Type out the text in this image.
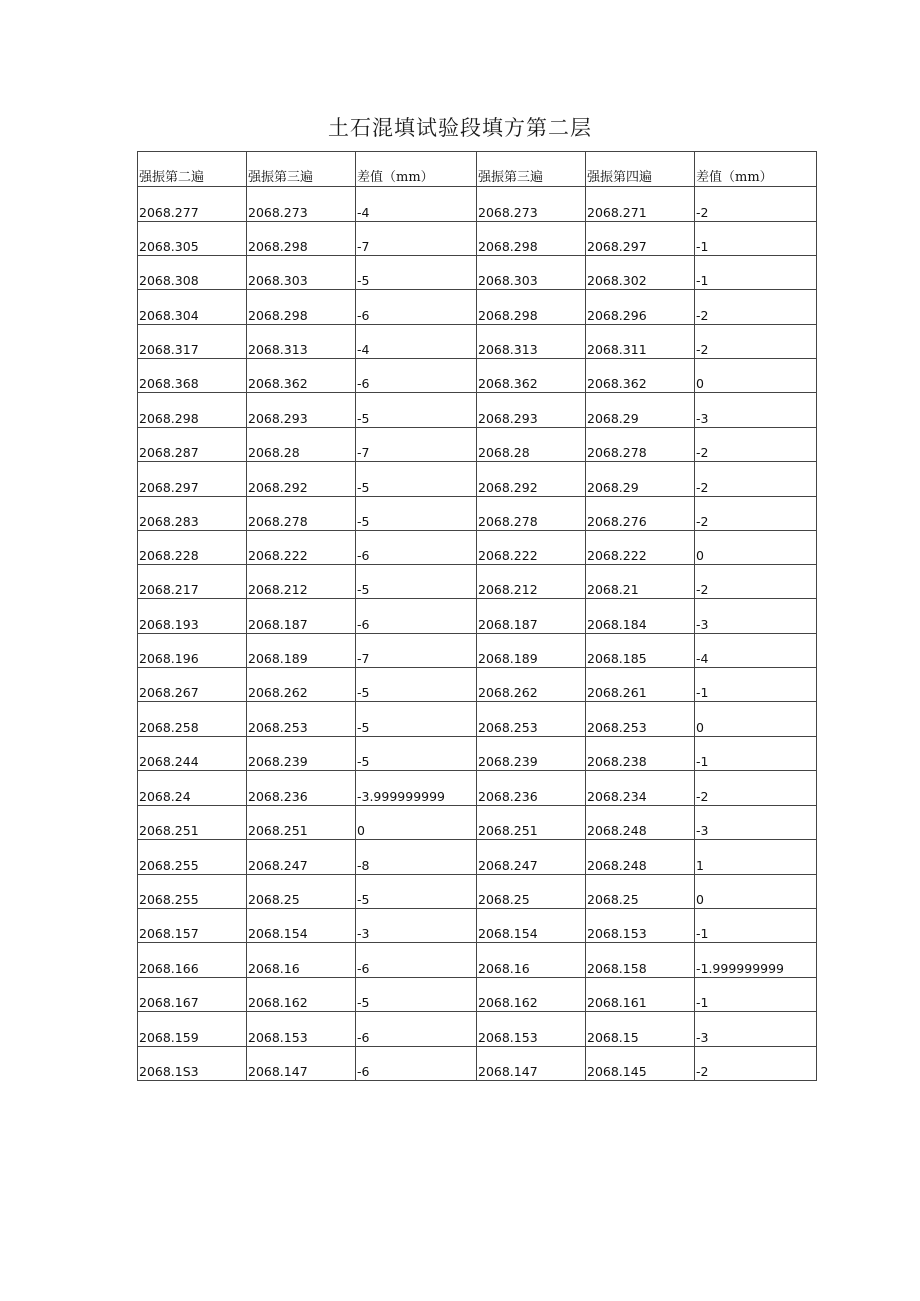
土石混填试验段填方第二层
强振第二遍	强振第三遍	差值（mm）	强振第三遍	强振第四遍	差值（mm）
2068.277	2068.273	-4	2068.273	2068.271	-2
2068.305	2068.298	-7	2068.298	2068.297	-1
2068.308	2068.303	-5	2068.303	2068.302	-1
2068.304	2068.298	-6	2068.298	2068.296	-2
2068.317	2068.313	-4	2068.313	2068.311	-2
2068.368	2068.362	-6	2068.362	2068.362	0
2068.298	2068.293	-5	2068.293	2068.29	-3
2068.287	2068.28	-7	2068.28	2068.278	-2
2068.297	2068.292	-5	2068.292	2068.29	-2
2068.283	2068.278	-5	2068.278	2068.276	-2
2068.228	2068.222	-6	2068.222	2068.222	0
2068.217	2068.212	-5	2068.212	2068.21	-2
2068.193	2068.187	-6	2068.187	2068.184	-3
2068.196	2068.189	-7	2068.189	2068.185	-4
2068.267	2068.262	-5	2068.262	2068.261	-1
2068.258	2068.253	-5	2068.253	2068.253	0
2068.244	2068.239	-5	2068.239	2068.238	-1
2068.24	2068.236	-3.999999999	2068.236	2068.234	-2
2068.251	2068.251	0	2068.251	2068.248	-3
2068.255	2068.247	-8	2068.247	2068.248	1
2068.255	2068.25	-5	2068.25	2068.25	0
2068.157	2068.154	-3	2068.154	2068.153	-1
2068.166	2068.16	-6	2068.16	2068.158	-1.999999999
2068.167	2068.162	-5	2068.162	2068.161	-1
2068.159	2068.153	-6	2068.153	2068.15	-3
2068.1S3	2068.147	-6	2068.147	2068.145	-2
